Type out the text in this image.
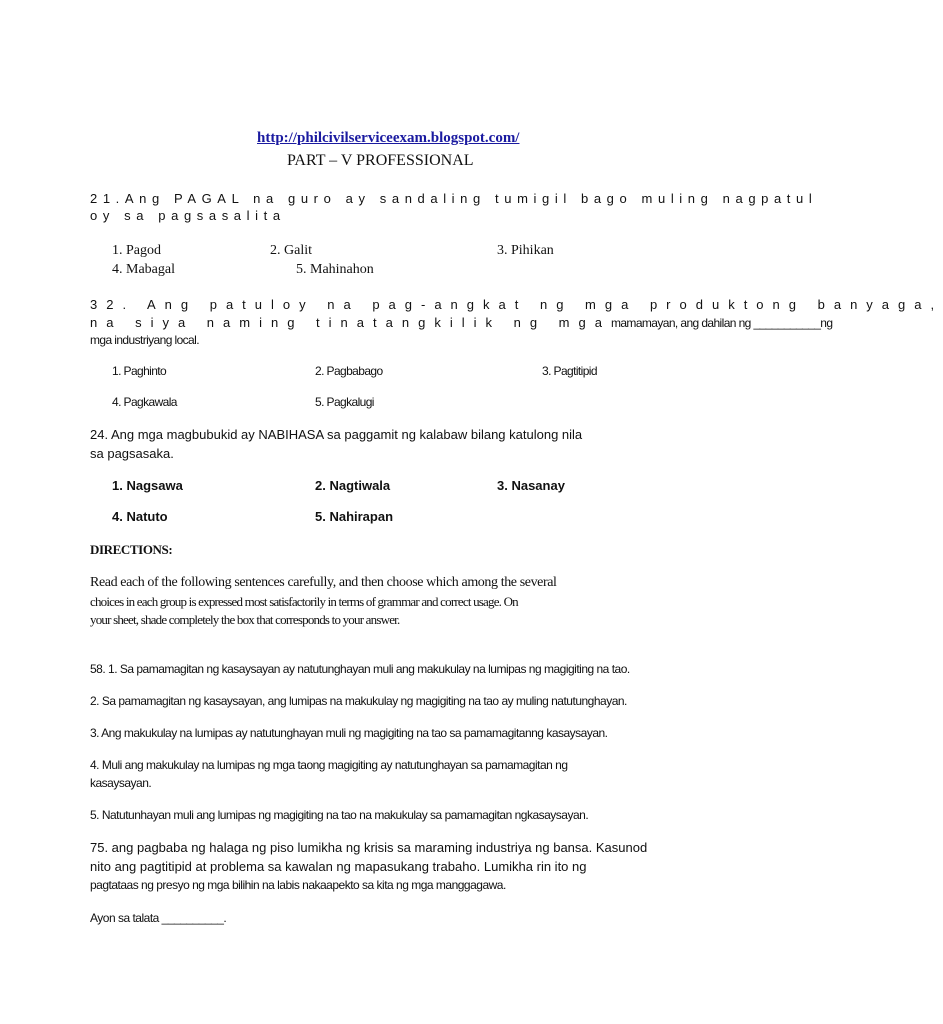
http://philcivilserviceexam.blogspot.com/
PART – V PROFESSIONAL
21.Ang PAGAL na guro ay sandaling tumigil bago muling nagpatul
oy sa pagsasalita
1. Pagod	2. Galit	3. Pihikan
4. Mabagal	5. Mahinahon
32. Ang patuloy na pag-angkat ng mga produktong banyaga,
na siya naming tinatangkilik ng mgamamamayan, ang dahilan ng ___________ng
mga industriyang local.
1. Paghinto	2. Pagbabago	3. Pagtitipid
4. Pagkawala	5. Pagkalugi
24. Ang mga magbubukid ay NABIHASA sa paggamit ng kalabaw bilang katulong nila
sa pagsasaka.
1. Nagsawa	2. Nagtiwala	3. Nasanay
4. Natuto	5. Nahirapan
DIRECTIONS:
Read each of the following sentences carefully, and then choose which among the several
choices in each group is expressed most satisfactorily in terms of grammar and correct usage. On
your sheet, shade completely the box that corresponds to your answer.
58. 1. Sa pamamagitan ng kasaysayan ay natutunghayan muli ang makukulay na lumipas ng magigiting na tao.
2. Sa pamamagitan ng kasaysayan, ang lumipas na makukulay ng magigiting na tao ay muling natutunghayan.
3. Ang makukulay na lumipas ay natutunghayan muli ng magigiting na tao sa pamamagitanng kasaysayan.
4. Muli ang makukulay na lumipas ng mga taong magigiting ay natutunghayan sa pamamagitan ng
kasaysayan.
5. Natutunhayan muli ang lumipas ng magigiting na tao na makukulay sa pamamagitan ngkasaysayan.
75. ang pagbaba ng halaga ng piso lumikha ng krisis sa maraming industriya ng bansa. Kasunod
nito ang pagtitipid at problema sa kawalan ng mapasukang trabaho. Lumikha rin ito ng
pagtataas ng presyo ng mga bilihin na labis nakaapekto sa kita ng mga manggagawa.
Ayon sa talata __________.
